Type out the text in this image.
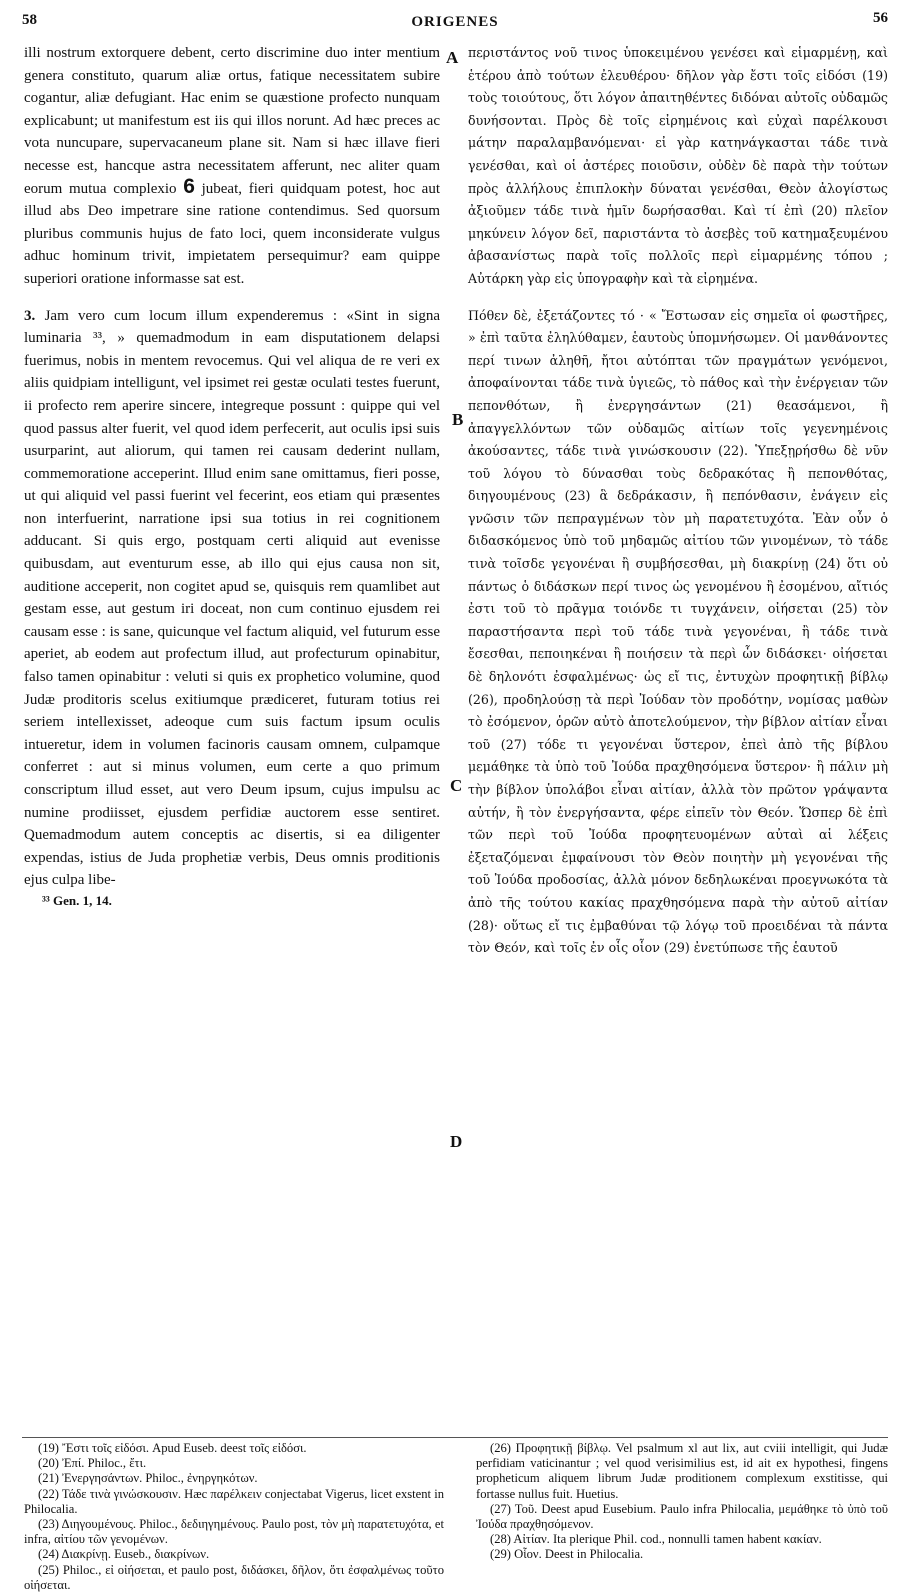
58	ORIGENES	56

illi nostrum extorquere debent, certo discrimine duo inter mentium genera constituto, quarum aliæ ortus, fatique necessitatem subire cogantur, aliæ defugiant. Hac enim se quæstione profecto nunquam explicabunt; ut manifestum est iis qui illos norunt. Ad hæc preces ac vota nuncupare, supervacaneum plane sit. Nam si hæc illave fieri necesse est, hancque astra necessitatem afferunt, nec aliter quam eorum mutua complexio 6 jubeat, fieri quidquam potest, hoc aut illud abs Deo impetrare sine ratione contendimus. Sed quorsum pluribus communis hujus de fato loci, quem inconsiderate vulgus adhuc hominum trivit, impietatem persequimur? eam quippe superiori oratione informasse sat est.

3. Jam vero cum locum illum expenderemus : «Sint in signa luminaria ³³, » quemadmodum in eam disputationem delapsi fuerimus, nobis in mentem revocemus. Qui vel aliqua de re veri ex aliis quidpiam intelligunt, vel ipsimet rei gestæ oculati testes fuerunt, ii profecto rem aperire sincere, integreque possunt : quippe qui vel quod passus alter fuerit, vel quod idem perfecerit, aut oculis ipsi suis usurparint, aut aliorum, qui tamen rei causam dederint nullam, commemoratione acceperint. Illud enim sane omittamus, fieri posse, ut qui aliquid vel passi fuerint vel fecerint, eos etiam qui præsentes non interfuerint, narratione ipsi sua totius in rei cognitionem adducant. Si quis ergo, postquam certi aliquid aut evenisse quibusdam, aut eventurum esse, ab illo qui ejus causa non sit, auditione acceperit, non cogitet apud se, quisquis rem quamlibet aut gestam esse, aut gestum iri doceat, non cum continuo ejusdem rei causam esse : is sane, quicunque vel factum aliquid, vel futurum esse aperiet, ab eodem aut profectum illud, aut profecturum opinabitur, falso tamen opinabitur : veluti si quis ex prophetico volumine, quod Judæ proditoris scelus exitiumque prædiceret, futuram totius rei seriem intellexisset, adeoque cum suis factum ipsum oculis intueretur, idem in volumen facinoris causam omnem, culpamque conferret : aut si minus volumen, eum certe a quo primum conscriptum illud esset, aut vero Deum ipsum, cujus impulsu ac numine prodiisset, ejusdem perfidiæ auctorem esse sentiret. Quemadmodum autem conceptis ac disertis, si ea diligenter expendas, istius de Juda prophetiæ verbis, Deus omnis proditionis ejus culpa libe-

³³ Gen. 1, 14.

περιστάντος νοῦ τινος ὑποκειμένου γενέσει καὶ εἱμαρμένῃ, καὶ ἑτέρου ἀπὸ τούτων ἐλευθέρου· δῆλον γὰρ ἔστι τοῖς εἰδόσι (19) τοὺς τοιούτους, ὅτι λόγον ἀπαιτηθέντες διδόναι αὐτοῖς οὐδαμῶς δυνήσονται. Πρὸς δὲ τοῖς εἰρημένοις καὶ εὐχαὶ παρέλκουσι μάτην παραλαμβανόμεναι· εἰ γὰρ κατηνάγκασται τάδε τινὰ γενέσθαι, καὶ οἱ ἀστέρες ποιοῦσιν, οὐδὲν δὲ παρὰ τὴν τούτων πρὸς ἀλλήλους ἐπιπλοκὴν δύναται γενέσθαι, Θεὸν ἀλογίστως ἀξιοῦμεν τάδε τινὰ ἡμῖν δωρήσασθαι. Καὶ τί ἐπὶ (20) πλεῖον μηκύνειν λόγον δεῖ, παριστάντα τὸ ἀσεβὲς τοῦ κατημαξευμένου ἀβασανίστως παρὰ τοῖς πολλοῖς περὶ εἱμαρμένης τόπου ; Αὐτάρκη γὰρ εἰς ὑπογραφὴν καὶ τὰ εἰρημένα.

Πόθεν δὲ, ἐξετάζοντες τό · « Ἔστωσαν εἰς σημεῖα οἱ φωστῆρες, » ἐπὶ ταῦτα ἐληλύθαμεν, ἑαυτοὺς ὑπομνήσωμεν. Οἱ μανθάνοντες περί τινων ἀληθῆ, ἤτοι αὐτόπται τῶν πραγμάτων γενόμενοι, ἀποφαίνονται τάδε τινὰ ὑγιεῶς, τὸ πάθος καὶ τὴν ἐνέργειαν τῶν πεπονθότων, ἢ ἐνεργησάντων (21) θεασάμενοι, ἢ ἀπαγγελλόντων τῶν οὐδαμῶς αἰτίων τοῖς γεγενημένοις ἀκούσαντες, τάδε τινὰ γινώσκουσιν (22). Ὑπεξῃρήσθω δὲ νῦν τοῦ λόγου τὸ δύνασθαι τοὺς δεδρακότας ἢ πεπονθότας, διηγουμένους (23) ἃ δεδράκασιν, ἢ πεπόνθασιν, ἐνάγειν εἰς γνῶσιν τῶν πεπραγμένων τὸν μὴ παρατετυχότα. Ἐὰν οὖν ὁ διδασκόμενος ὑπὸ τοῦ μηδαμῶς αἰτίου τῶν γινομένων, τὸ τάδε τινὰ τοῖσδε γεγονέναι ἢ συμβήσεσθαι, μὴ διακρίνῃ (24) ὅτι οὐ πάντως ὁ διδάσκων περί τινος ὡς γενομένου ἢ ἐσομένου, αἴτιός ἐστι τοῦ τὸ πρᾶγμα τοιόνδε τι τυγχάνειν, οἰήσεται (25) τὸν παραστήσαντα περὶ τοῦ τάδε τινὰ γεγονέναι, ἢ τάδε τινὰ ἔσεσθαι, πεποιηκέναι ἢ ποιήσειν τὰ περὶ ὧν διδάσκει· οἰήσεται δὲ δηλονότι ἐσφαλμένως· ὡς εἴ τις, ἐντυχὼν προφητικῇ βίβλῳ (26), προδηλούσῃ τὰ περὶ Ἰούδαν τὸν προδότην, νομίσας μαθὼν τὸ ἐσόμενον, ὁρῶν αὐτὸ ἀποτελούμενον, τὴν βίβλον αἰτίαν εἶναι τοῦ (27) τόδε τι γεγονέναι ὕστερον, ἐπεὶ ἀπὸ τῆς βίβλου μεμάθηκε τὰ ὑπὸ τοῦ Ἰούδα πραχθησόμενα ὕστερον· ἢ πάλιν μὴ τὴν βίβλον ὑπολάβοι εἶναι αἰτίαν, ἀλλὰ τὸν πρῶτον γράψαντα αὐτήν, ἢ τὸν ἐνεργήσαντα, φέρε εἰπεῖν τὸν Θεόν. Ὥσπερ δὲ ἐπὶ τῶν περὶ τοῦ Ἰούδα προφητευομένων αὐταὶ αἱ λέξεις ἐξεταζόμεναι ἐμφαίνουσι τὸν Θεὸν ποιητὴν μὴ γεγονέναι τῆς τοῦ Ἰούδα προδοσίας, ἀλλὰ μόνον δεδηλωκέναι προεγνωκότα τὰ ἀπὸ τῆς τούτου κακίας πραχθησόμενα παρὰ τὴν αὐτοῦ αἰτίαν (28)· οὕτως εἴ τις ἐμβαθύναι τῷ λόγῳ τοῦ προειδέναι τὰ πάντα τὸν Θεόν, καὶ τοῖς ἐν οἷς οἷον (29) ἐνετύπωσε τῆς ἑαυτοῦ

A
B
C
D

(19) Ἔστι τοῖς εἰδόσι. Apud Euseb. deest τοῖς εἰδόσι.

(20) Ἐπί. Philoc., ἔτι.

(21) Ἐνεργησάντων. Philoc., ἐνηργηκότων.

(22) Τάδε τινὰ γινώσκουσιν. Hæc παρέλκειν conjectabat Vigerus, licet exstent in Philocalia.

(23) Διηγουμένους. Philoc., δεδιηγημένους. Paulo post, τὸν μὴ παρατετυχότα, et infra, αἰτίου τῶν γενομένων.

(24) Διακρίνῃ. Euseb., διακρίνων.

(25) Philoc., εἰ οἰήσεται, et paulo post, διδάσκει, δῆλον, ὅτι ἐσφαλμένως τοῦτο οἰήσεται.

(26) Προφητικῇ βίβλῳ. Vel psalmum xl aut lix, aut cviii intelligit, qui Judæ perfidiam vaticinantur ; vel quod verisimilius est, id ait ex hypothesi, fingens propheticum aliquem librum Judæ proditionem complexum exstitisse, qui fortasse nullus fuit. Huetius.

(27) Τοῦ. Deest apud Eusebium. Paulo infra Philocalia, μεμάθηκε τὸ ὑπὸ τοῦ Ἰούδα πραχθησόμενον.

(28) Αἰτίαν. Ita plerique Phil. cod., nonnulli tamen habent κακίαν.

(29) Οἷον. Deest in Philocalia.
